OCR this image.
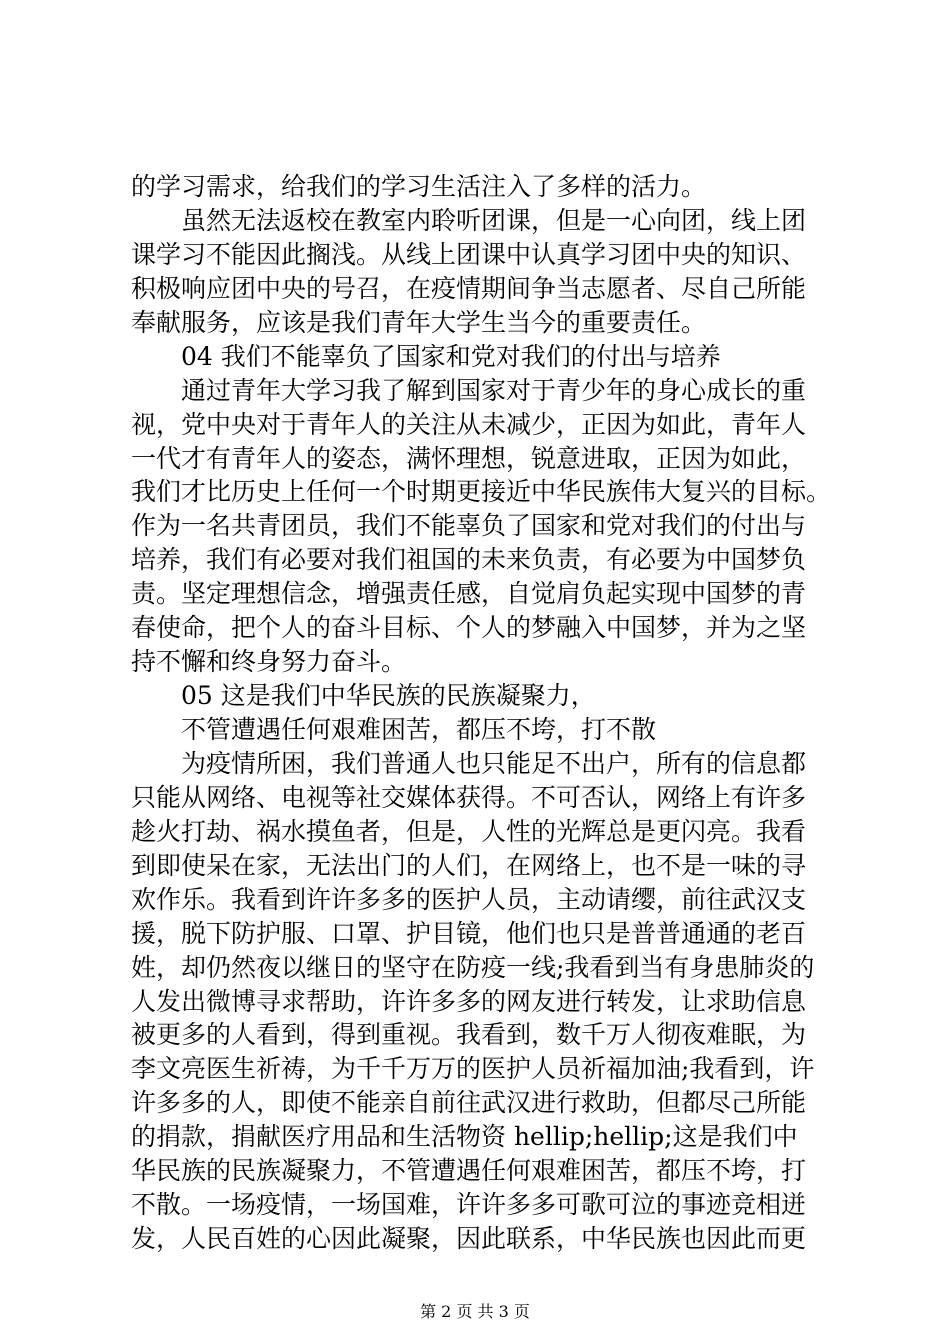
的学习需求，给我们的学习生活注入了多样的活力。
虽然无法返校在教室内聆听团课，但是一心向团，线上团
课学习不能因此搁浅。从线上团课中认真学习团中央的知识、
积极响应团中央的号召，在疫情期间争当志愿者、尽自己所能
奉献服务，应该是我们青年大学生当今的重要责任。
04 我们不能辜负了国家和党对我们的付出与培养
通过青年大学习我了解到国家对于青少年的身心成长的重
视，党中央对于青年人的关注从未减少，正因为如此，青年人
一代才有青年人的姿态，满怀理想，锐意进取，正因为如此，
我们才比历史上任何一个时期更接近中华民族伟大复兴的目标。
作为一名共青团员，我们不能辜负了国家和党对我们的付出与
培养，我们有必要对我们祖国的未来负责，有必要为中国梦负
责。坚定理想信念，增强责任感，自觉肩负起实现中国梦的青
春使命，把个人的奋斗目标、个人的梦融入中国梦，并为之坚
持不懈和终身努力奋斗。
05 这是我们中华民族的民族凝聚力，
不管遭遇任何艰难困苦，都压不垮，打不散
为疫情所困，我们普通人也只能足不出户，所有的信息都
只能从网络、电视等社交媒体获得。不可否认，网络上有许多
趁火打劫、祸水摸鱼者，但是，人性的光辉总是更闪亮。我看
到即使呆在家，无法出门的人们，在网络上，也不是一味的寻
欢作乐。我看到许许多多的医护人员，主动请缨，前往武汉支
援，脱下防护服、口罩、护目镜，他们也只是普普通通的老百
姓，却仍然夜以继日的坚守在防疫一线;我看到当有身患肺炎的
人发出微博寻求帮助，许许多多的网友进行转发，让求助信息
被更多的人看到，得到重视。我看到，数千万人彻夜难眠，为
李文亮医生祈祷，为千千万万的医护人员祈福加油;我看到，许
许多多的人，即使不能亲自前往武汉进行救助，但都尽己所能
的捐款，捐献医疗用品和生活物资 hellip;hellip;这是我们中
华民族的民族凝聚力，不管遭遇任何艰难困苦，都压不垮，打
不散。一场疫情，一场国难，许许多多可歌可泣的事迹竞相迸
发，人民百姓的心因此凝聚，因此联系，中华民族也因此而更
第 2 页 共 3 页
